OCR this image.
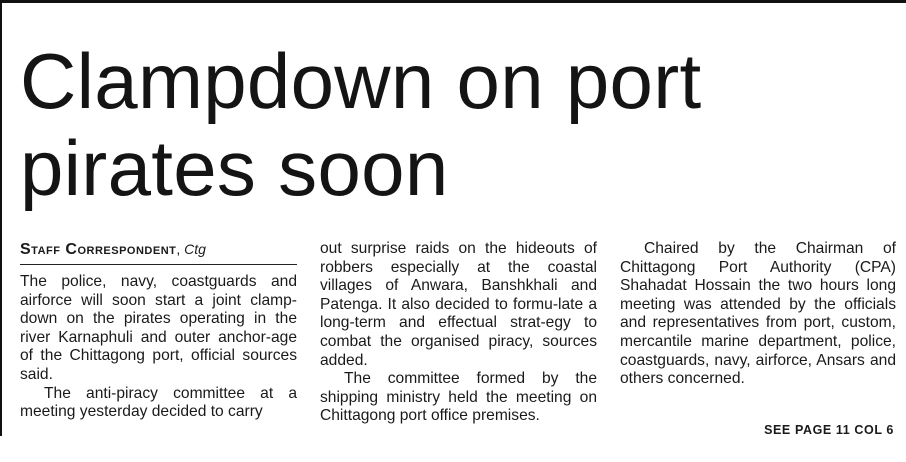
Clampdown on port
pirates soon
Staff Correspondent, Ctg

The police, navy, coastguards and airforce will soon start a joint clamp-down on the pirates operating in the river Karnaphuli and outer anchor-age of the Chittagong port, official sources said.

The anti-piracy committee at a meeting yesterday decided to carry

out surprise raids on the hideouts of robbers especially at the coastal villages of Anwara, Banshkhali and Patenga. It also decided to formu-late a long-term and effectual strat-egy to combat the organised piracy, sources added.

The committee formed by the shipping ministry held the meeting on Chittagong port office premises.

Chaired by the Chairman of Chittagong Port Authority (CPA) Shahadat Hossain the two hours long meeting was attended by the officials and representatives from port, custom, mercantile marine department, police, coastguards, navy, airforce, Ansars and others concerned.

SEE PAGE 11 COL 6
